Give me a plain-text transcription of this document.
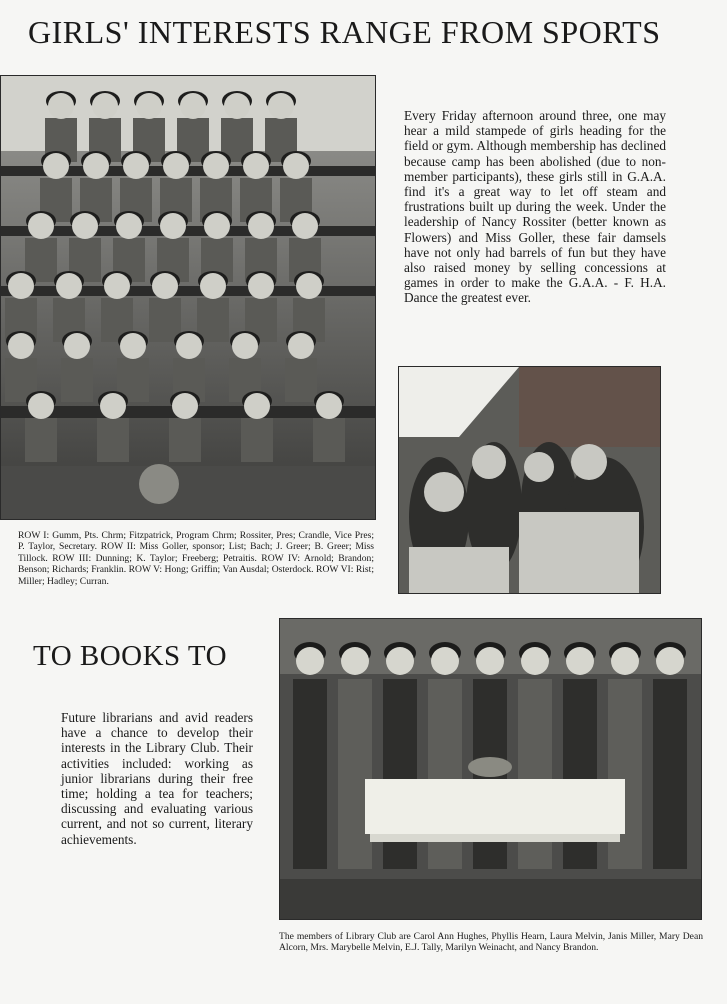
GIRLS' INTERESTS RANGE FROM SPORTS

Every Friday afternoon around three, one may hear a mild stampede of girls heading for the field or gym. Although membership has declined because camp has been abolished (due to non-member participants), these girls still in G.A.A. find it's a great way to let off steam and frustrations built up during the week. Under the leadership of Nancy Rossiter (better known as Flowers) and Miss Goller, these fair damsels have not only had barrels of fun but they have also raised money by selling concessions at games in order to make the G.A.A. - F. H.A. Dance the greatest ever.

ROW I: Gumm, Pts. Chrm; Fitzpatrick, Program Chrm; Rossiter, Pres; Crandle, Vice Pres; P. Taylor, Secretary. ROW II: Miss Goller, sponsor; List; Bach; J. Greer; B. Greer; Miss Tillock. ROW III: Dunning; K. Taylor; Freeberg; Petraitis. ROW IV: Arnold; Brandon; Benson; Richards; Franklin. ROW V: Hong; Griffin; Van Ausdal; Osterdock. ROW VI: Rist; Miller; Hadley; Curran.

TO BOOKS TO

Future librarians and avid readers have a chance to develop their interests in the Library Club. Their activities included: working as junior librarians during their free time; holding a tea for teachers; discussing and evaluating various current, and not so current, literary achievements.

The members of Library Club are Carol Ann Hughes, Phyllis Hearn, Laura Melvin, Janis Miller, Mary Dean Alcorn, Mrs. Marybelle Melvin, E.J. Tally, Marilyn Weinacht, and Nancy Brandon.
